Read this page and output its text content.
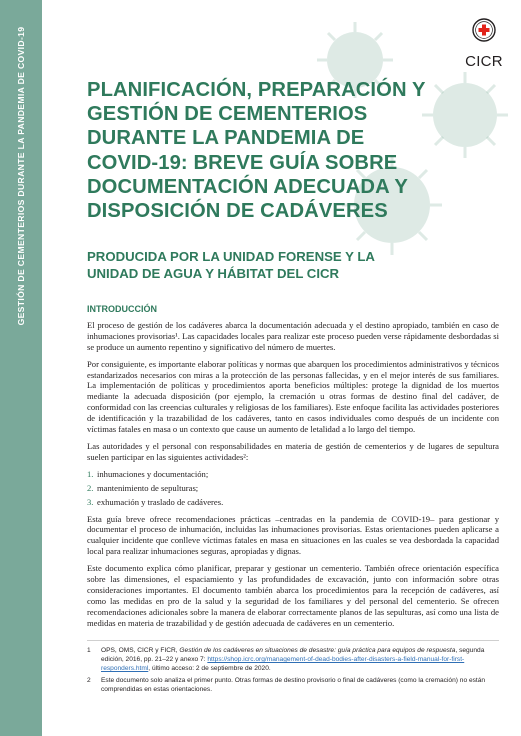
GESTIÓN DE CEMENTERIOS DURANTE LA PANDEMIA DE COVID-19	CICR
PLANIFICACIÓN, PREPARACIÓN Y GESTIÓN DE CEMENTERIOS DURANTE LA PANDEMIA DE COVID-19: BREVE GUÍA SOBRE DOCUMENTACIÓN ADECUADA Y DISPOSICIÓN DE CADÁVERES
PRODUCIDA POR LA UNIDAD FORENSE Y LA UNIDAD DE AGUA Y HÁBITAT DEL CICR
INTRODUCCIÓN

El proceso de gestión de los cadáveres abarca la documentación adecuada y el destino apropiado, también en caso de inhumaciones provisorias¹. Las capacidades locales para realizar este proceso pueden verse rápidamente desbordadas si se produce un aumento repentino y significativo del número de muertes.

Por consiguiente, es importante elaborar políticas y normas que abarquen los procedimientos administrativos y técnicos estandarizados necesarios con miras a la protección de las personas fallecidas, y en el mejor interés de sus familiares. La implementación de políticas y procedimientos aporta beneficios múltiples: protege la dignidad de los muertos mediante la adecuada disposición (por ejemplo, la cremación u otras formas de destino final del cadáver, de conformidad con las creencias culturales y religiosas de los familiares). Este enfoque facilita las actividades posteriores de identificación y la trazabilidad de los cadáveres, tanto en casos individuales como después de un incidente con víctimas fatales en masa o un contexto que cause un aumento de letalidad a lo largo del tiempo.

Las autoridades y el personal con responsabilidades en materia de gestión de cementerios y de lugares de sepultura suelen participar en las siguientes actividades²:

1. inhumaciones y documentación;
2. mantenimiento de sepulturas;
3. exhumación y traslado de cadáveres.

Esta guía breve ofrece recomendaciones prácticas –centradas en la pandemia de COVID-19– para gestionar y documentar el proceso de inhumación, incluidas las inhumaciones provisorias. Estas orientaciones pueden aplicarse a cualquier incidente que conlleve víctimas fatales en masa en situaciones en las cuales se vea desbordada la capacidad local para realizar inhumaciones seguras, apropiadas y dignas.

Este documento explica cómo planificar, preparar y gestionar un cementerio. También ofrece orientación específica sobre las dimensiones, el espaciamiento y las profundidades de excavación, junto con información sobre otras consideraciones importantes. El documento también abarca los procedimientos para la recepción de cadáveres, así como las medidas en pro de la salud y la seguridad de los familiares y del personal del cementerio. Se ofrecen recomendaciones adicionales sobre la manera de elaborar correctamente planos de las sepulturas, así como una lista de medidas en materia de trazabilidad y de gestión adecuada de cadáveres en un cementerio.

1 OPS, OMS, CICR y FICR, Gestión de los cadáveres en situaciones de desastre: guía práctica para equipos de respuesta, segunda edición, 2016, pp. 21–22 y anexo 7: https://shop.icrc.org/management-of-dead-bodies-after-disasters-a-field-manual-for-first-responders.html, último acceso: 2 de septiembre de 2020.
2 Este documento solo analiza el primer punto. Otras formas de destino provisorio o final de cadáveres (como la cremación) no están comprendidas en estas orientaciones.
